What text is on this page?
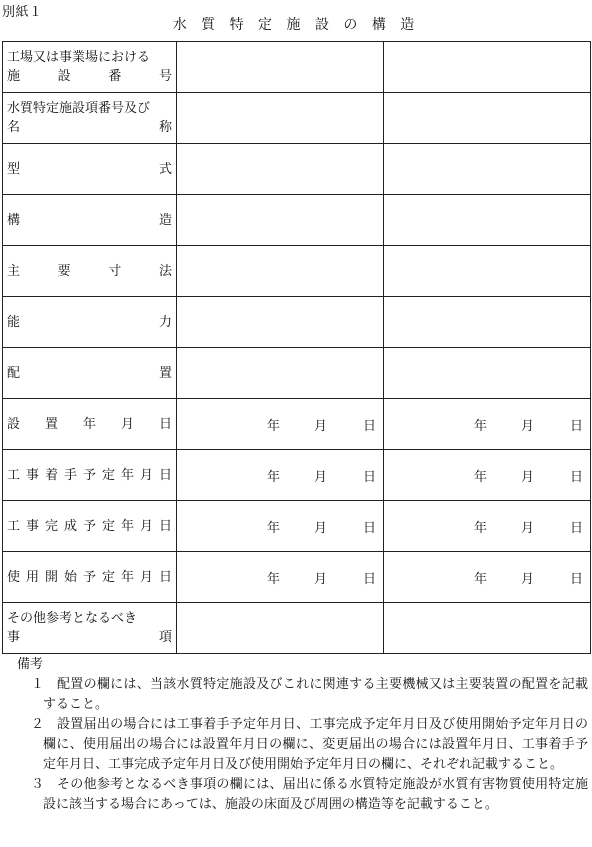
別紙１
水 質 特 定 施 設 の 構 造
工場又は事業場における
施　　設　　番　　号		

水質特定施設項番号及び
名　　　　　　　　称		

型　　　　　　　　式		
構　　　　　　　　造		
主　　要　　寸　　法		
能　　　　　　　　力		
配　　　　　　　　置		
設　置　年　月　日	年 月 日	年 月 日

工事着手予定年月日	年 月 日	年 月 日

工事完成予定年月日	年 月 日	年 月 日

使用開始予定年月日	年 月 日	年 月 日

その他参考となるべき
事　　　　　　　　項		

備考
１ 配置の欄には、当該水質特定施設及びこれに関連する主要機械又は主要装置の配置を記載すること。
２ 設置届出の場合には工事着手予定年月日、工事完成予定年月日及び使用開始予定年月日の欄に、使用届出の場合には設置年月日の欄に、変更届出の場合には設置年月日、工事着手予定年月日、工事完成予定年月日及び使用開始予定年月日の欄に、それぞれ記載すること。
３ その他参考となるべき事項の欄には、届出に係る水質特定施設が水質有害物質使用特定施設に該当する場合にあっては、施設の床面及び周囲の構造等を記載すること。
